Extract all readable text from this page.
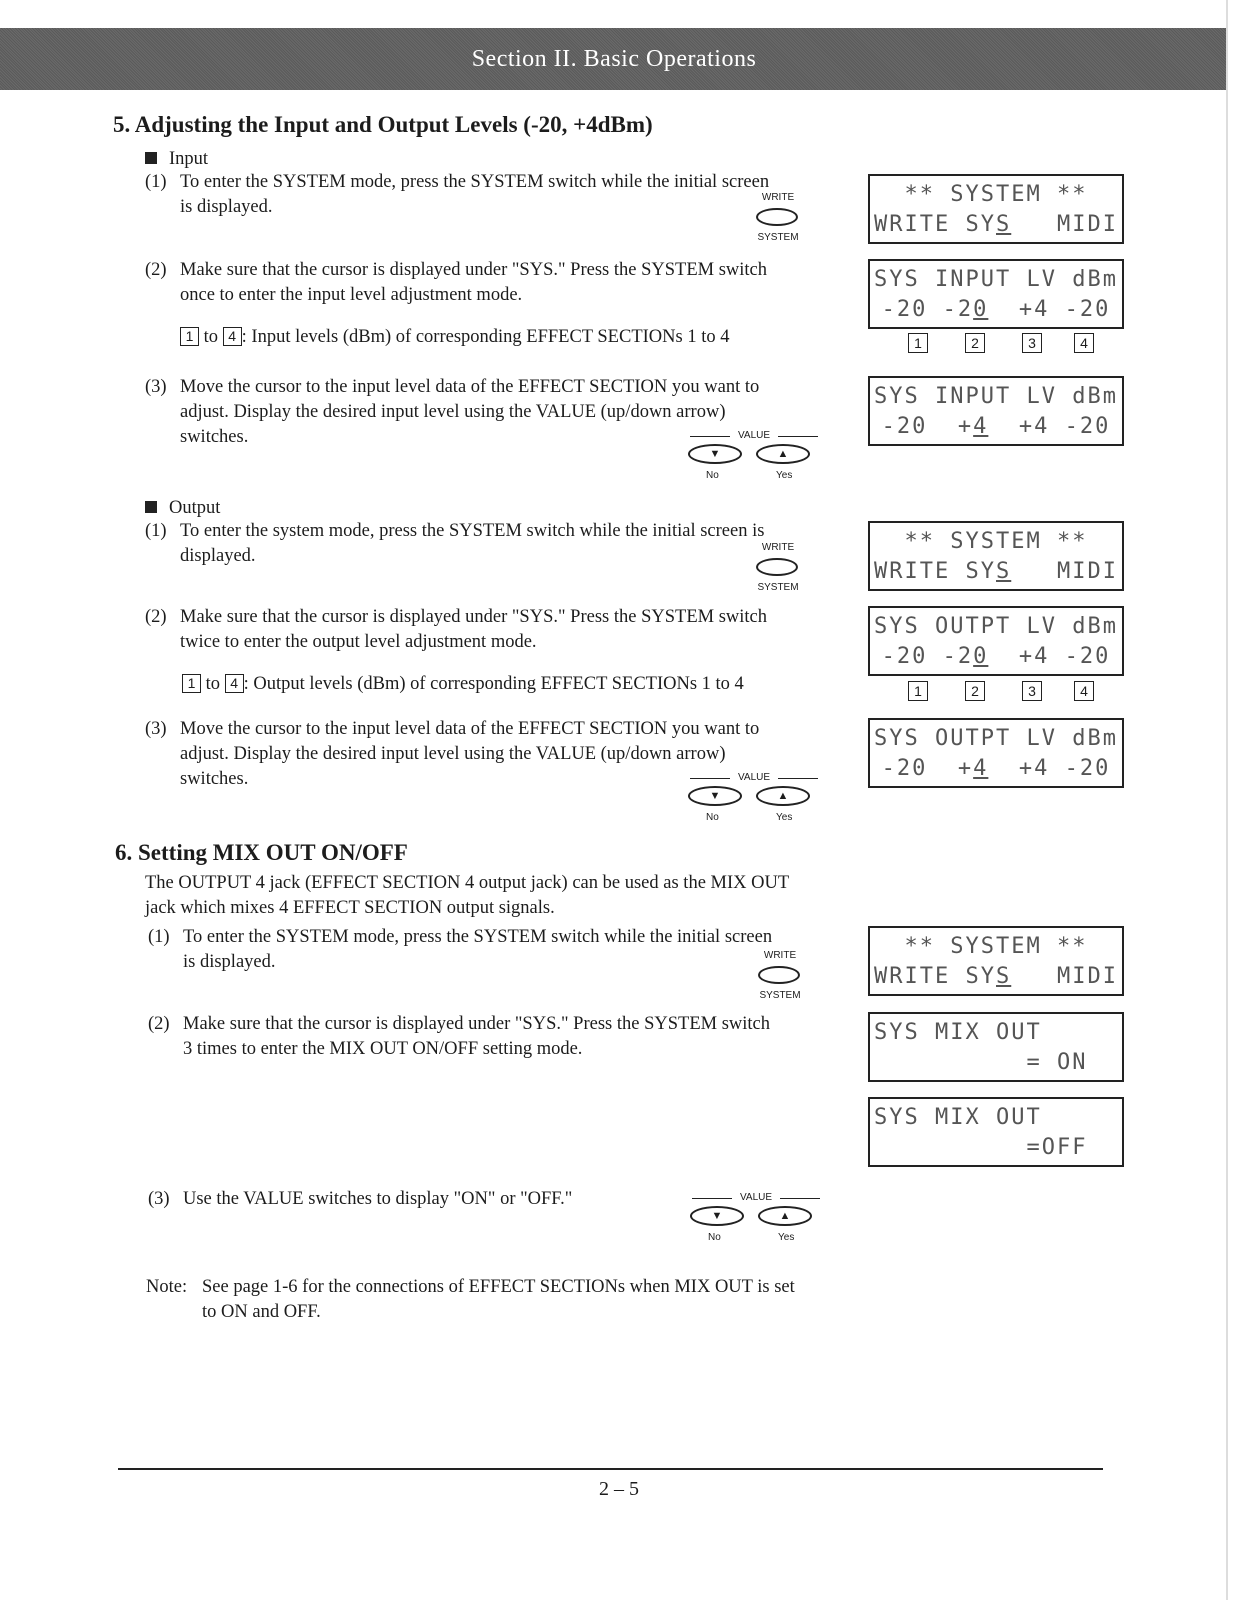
Section II. Basic Operations
5. Adjusting the Input and Output Levels (-20, +4dBm)
Input
(1) To enter the SYSTEM mode, press the SYSTEM switch while the initial screen
is displayed.	WRITE
SYSTEM
(2) Make sure that the cursor is displayed under "SYS." Press the SYSTEM switch
once to enter the input level adjustment mode.
1 to 4 : Input levels (dBm) of corresponding EFFECT SECTIONs 1 to 4
(3) Move the cursor to the input level data of the EFFECT SECTION you want to
adjust. Display the desired input level using the VALUE (up/down arrow)
switches.	VALUE
▼	▲
No	Yes
Output
(1) To enter the system mode, press the SYSTEM switch while the initial screen is
displayed.	WRITE
SYSTEM
(2) Make sure that the cursor is displayed under "SYS." Press the SYSTEM switch
twice to enter the output level adjustment mode.
1 to 4 : Output levels (dBm) of corresponding EFFECT SECTIONs 1 to 4
(3) Move the cursor to the input level data of the EFFECT SECTION you want to
adjust. Display the desired input level using the VALUE (up/down arrow)
switches.	VALUE
▼	▲
No	Yes
6. Setting MIX OUT ON/OFF
The OUTPUT 4 jack (EFFECT SECTION 4 output jack) can be used as the MIX OUT
jack which mixes 4 EFFECT SECTION output signals.
(1) To enter the SYSTEM mode, press the SYSTEM switch while the initial screen
is displayed.	WRITE
SYSTEM
(2) Make sure that the cursor is displayed under "SYS." Press the SYSTEM switch
3 times to enter the MIX OUT ON/OFF setting mode.
(3) Use the VALUE switches to display "ON" or "OFF."	VALUE
▼	▲
No	Yes
Note: See page 1-6 for the connections of EFFECT SECTIONs when MIX OUT is set
to ON and OFF.
** SYSTEM **
WRITE SYS   MIDI
SYS INPUT LV dBm
-20 -20  +4 -20
1	2	3	4
SYS INPUT LV dBm
-20  +4  +4 -20
** SYSTEM **
WRITE SYS   MIDI
SYS OUTPT LV dBm
-20 -20  +4 -20
1	2	3	4
SYS OUTPT LV dBm
-20  +4  +4 -20
** SYSTEM **
WRITE SYS   MIDI
SYS MIX OUT
= ON
SYS MIX OUT
=OFF
2 – 5
